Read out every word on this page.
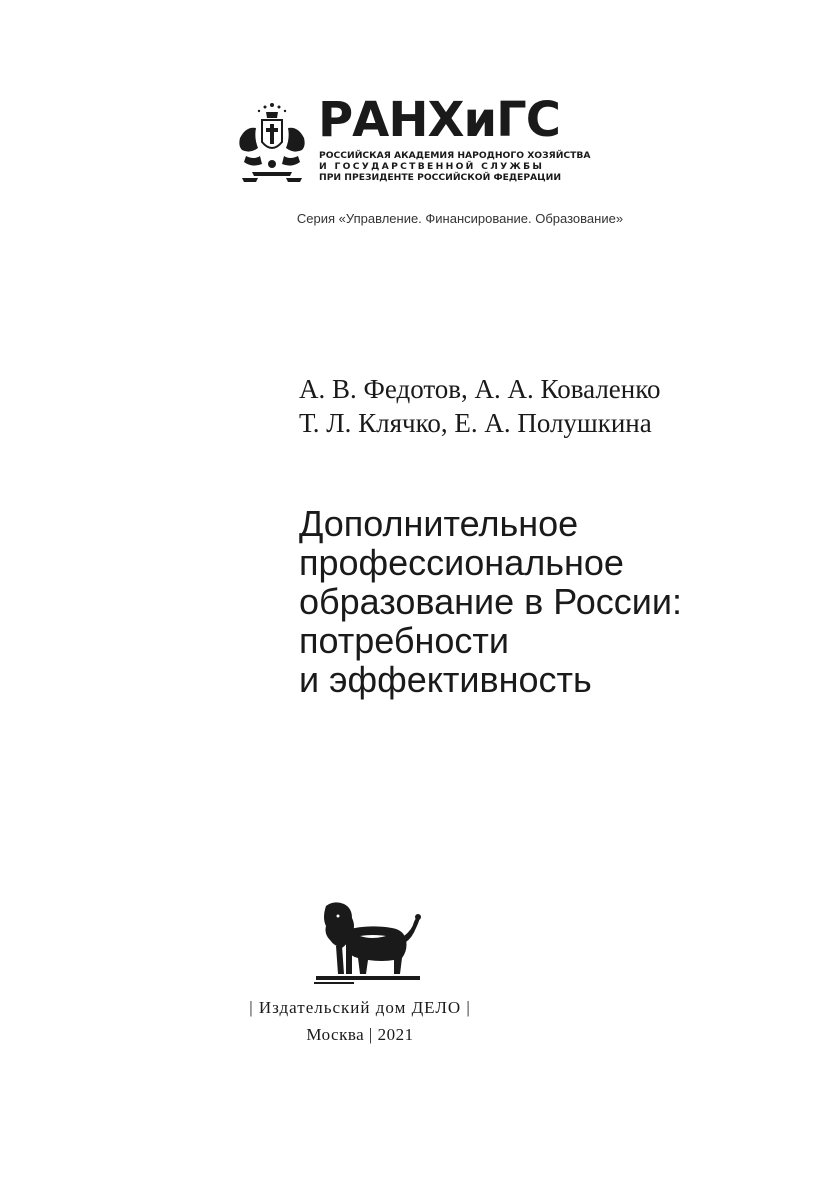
РАНХиГС
РОССИЙСКАЯ АКАДЕМИЯ НАРОДНОГО ХОЗЯЙСТВА
И ГОСУДАРСТВЕННОЙ СЛУЖБЫ
ПРИ ПРЕЗИДЕНТЕ РОССИЙСКОЙ ФЕДЕРАЦИИ
Серия «Управление. Финансирование. Образование»
А. В. Федотов, А. А. Коваленко
Т. Л. Клячко, Е. А. Полушкина
Дополнительное
профессиональное
образование в России:
потребности
и эффективность
| Издательский дом ДЕЛО |
Москва | 2021
